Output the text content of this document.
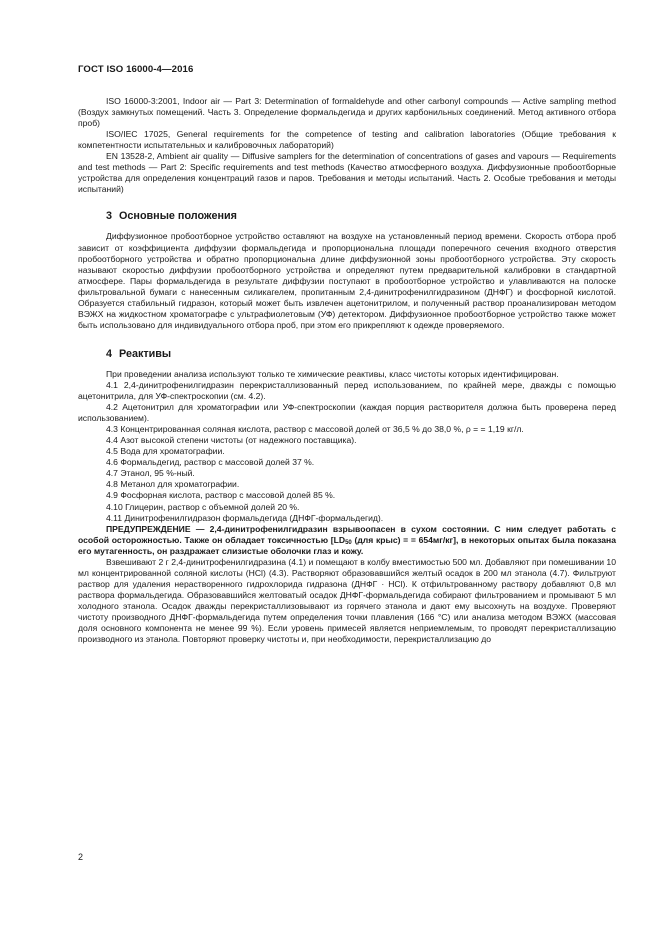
ГОСТ ISO 16000-4—2016

ISO 16000-3:2001, Indoor air — Part 3: Determination of formaldehyde and other carbonyl compounds — Active sampling method (Воздух замкнутых помещений. Часть 3. Определение формальдегида и других карбонильных соединений. Метод активного отбора проб)

ISO/IEC 17025, General requirements for the competence of testing and calibration laboratories (Общие требования к компетентности испытательных и калибровочных лабораторий)

EN 13528-2, Ambient air quality — Diffusive samplers for the determination of concentrations of gases and vapours — Requirements and test methods — Part 2: Specific requirements and test methods (Качество атмосферного воздуха. Диффузионные пробоотборные устройства для определения концентраций газов и паров. Требования и методы испытаний. Часть 2. Особые требования и методы испытаний)

3 Основные положения

Диффузионное пробоотборное устройство оставляют на воздухе на установленный период времени. Скорость отбора проб зависит от коэффициента диффузии формальдегида и пропорциональна площади поперечного сечения входного отверстия пробоотборного устройства и обратно пропорциональна длине диффузионной зоны пробоотборного устройства. Эту скорость называют скоростью диффузии пробоотборного устройства и определяют путем предварительной калибровки в стандартной атмосфере. Пары формальдегида в результате диффузии поступают в пробоотборное устройство и улавливаются на полоске фильтровальной бумаги с нанесенным силикагелем, пропитанным 2,4-динитрофенилгидразином (ДНФГ) и фосфорной кислотой. Образуется стабильный гидразон, который может быть извлечен ацетонитрилом, и полученный раствор проанализирован методом ВЭЖХ на жидкостном хроматографе с ультрафиолетовым (УФ) детектором. Диффузионное пробоотборное устройство также может быть использовано для индивидуального отбора проб, при этом его прикрепляют к одежде проверяемого.

4 Реактивы

При проведении анализа используют только те химические реактивы, класс чистоты которых идентифицирован.

4.1 2,4-динитрофенилгидразин перекристаллизованный перед использованием, по крайней мере, дважды с помощью ацетонитрила, для УФ-спектроскопии (см. 4.2).

4.2 Ацетонитрил для хроматографии или УФ-спектроскопии (каждая порция растворителя должна быть проверена перед использованием).

4.3 Концентрированная соляная кислота, раствор с массовой долей от 36,5 % до 38,0 %, ρ = = 1,19 кг/л.

4.4 Азот высокой степени чистоты (от надежного поставщика).

4.5 Вода для хроматографии.

4.6 Формальдегид, раствор с массовой долей 37 %.

4.7 Этанол, 95 %-ный.

4.8 Метанол для хроматографии.

4.9 Фосфорная кислота, раствор с массовой долей 85 %.

4.10 Глицерин, раствор с объемной долей 20 %.

4.11 Динитрофенилгидразон формальдегида (ДНФГ-формальдегид).

ПРЕДУПРЕЖДЕНИЕ — 2,4-динитрофенилгидразин взрывоопасен в сухом состоянии. С ним следует работать с особой осторожностью. Также он обладает токсичностью [$LD_{50}$ (для крыс) = = 654мг/кг], в некоторых опытах была показана его мутагенность, он раздражает слизистые оболочки глаз и кожу.

Взвешивают 2 г 2,4-динитрофенилгидразина (4.1) и помещают в колбу вместимостью 500 мл. Добавляют при помешивании 10 мл концентрированной соляной кислоты (HCl) (4.3). Растворяют образовавшийся желтый осадок в 200 мл этанола (4.7). Фильтруют раствор для удаления нерастворенного гидрохлорида гидразона (ДНФГ · HCl). К отфильтрованному раствору добавляют 0,8 мл раствора формальдегида. Образовавшийся желтоватый осадок ДНФГ-формальдегида собирают фильтрованием и промывают 5 мл холодного этанола. Осадок дважды перекристаллизовывают из горячего этанола и дают ему высохнуть на воздухе. Проверяют чистоту производного ДНФГ-формальдегида путем определения точки плавления (166 °С) или анализа методом ВЭЖХ (массовая доля основного компонента не менее 99 %). Если уровень примесей является неприемлемым, то проводят перекристаллизацию производного из этанола. Повторяют проверку чистоты и, при необходимости, перекристаллизацию до

2
